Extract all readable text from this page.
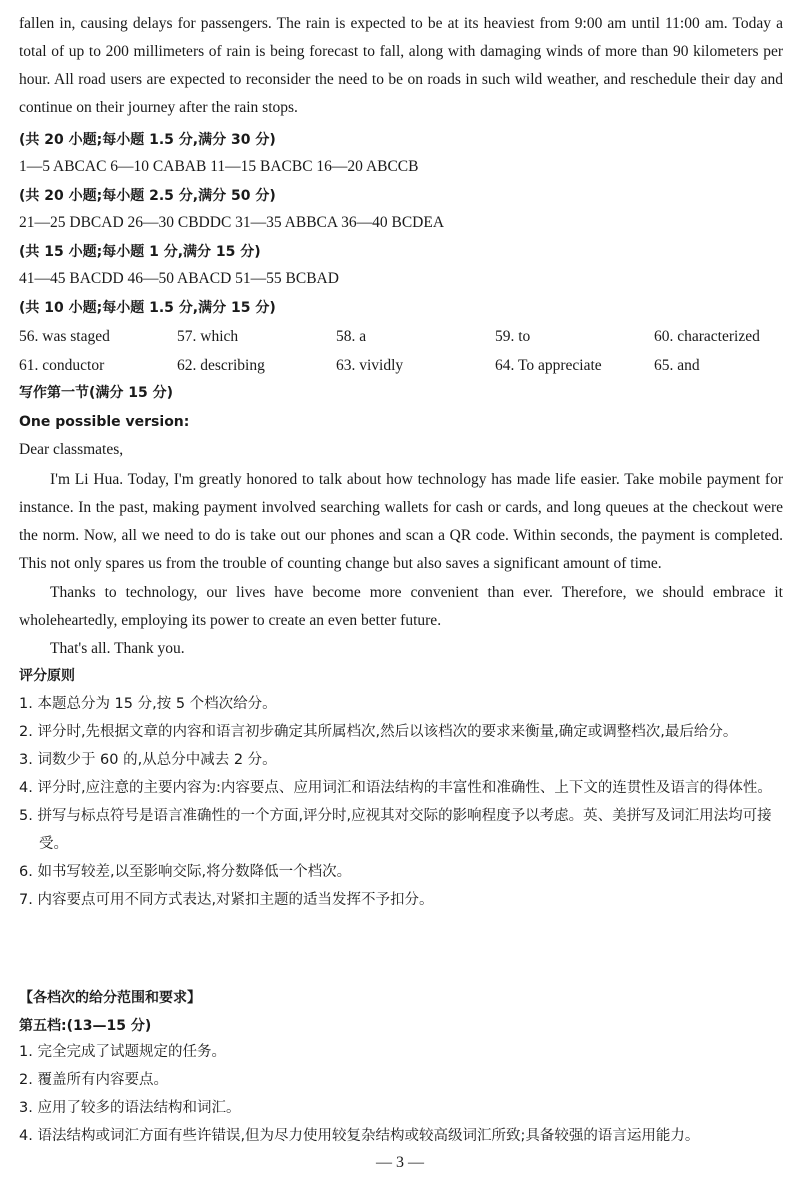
fallen in, causing delays for passengers. The rain is expected to be at its heaviest from 9:00 am until 11:00 am. Today a total of up to 200 millimeters of rain is being forecast to fall, along with damaging winds of more than 90 kilometers per hour. All road users are expected to reconsider the need to be on roads in such wild weather, and reschedule their day and continue on their journey after the rain stops.
(共 20 小题;每小题 1.5 分,满分 30 分)
1—5 ABCAC 6—10 CABAB 11—15 BACBC 16—20 ABCCB
(共 20 小题;每小题 2.5 分,满分 50 分)
21—25 DBCAD 26—30 CBDDC 31—35 ABBCA 36—40 BCDEA
(共 15 小题;每小题 1 分,满分 15 分)
41—45 BACDD 46—50 ABACD 51—55 BCBAD
(共 10 小题;每小题 1.5 分,满分 15 分)
56. was staged	57. which	58. a	59. to	60. characterized
61. conductor	62. describing	63. vividly	64. To appreciate	65. and
写作第一节(满分 15 分)
One possible version:
Dear classmates,
I'm Li Hua. Today, I'm greatly honored to talk about how technology has made life easier. Take mobile payment for instance. In the past, making payment involved searching wallets for cash or cards, and long queues at the checkout were the norm. Now, all we need to do is take out our phones and scan a QR code. Within seconds, the payment is completed. This not only spares us from the trouble of counting change but also saves a significant amount of time.
Thanks to technology, our lives have become more convenient than ever. Therefore, we should embrace it wholeheartedly, employing its power to create an even better future.
That's all. Thank you.
评分原则
1. 本题总分为 15 分,按 5 个档次给分。
2. 评分时,先根据文章的内容和语言初步确定其所属档次,然后以该档次的要求来衡量,确定或调整档次,最后给分。
3. 词数少于 60 的,从总分中减去 2 分。
4. 评分时,应注意的主要内容为:内容要点、应用词汇和语法结构的丰富性和准确性、上下文的连贯性及语言的得体性。
5. 拼写与标点符号是语言准确性的一个方面,评分时,应视其对交际的影响程度予以考虑。英、美拼写及词汇用法均可接受。
6. 如书写较差,以至影响交际,将分数降低一个档次。
7. 内容要点可用不同方式表达,对紧扣主题的适当发挥不予扣分。
【各档次的给分范围和要求】
第五档:(13—15 分)
1. 完全完成了试题规定的任务。
2. 覆盖所有内容要点。
3. 应用了较多的语法结构和词汇。
4. 语法结构或词汇方面有些许错误,但为尽力使用较复杂结构或较高级词汇所致;具备较强的语言运用能力。
— 3 —
